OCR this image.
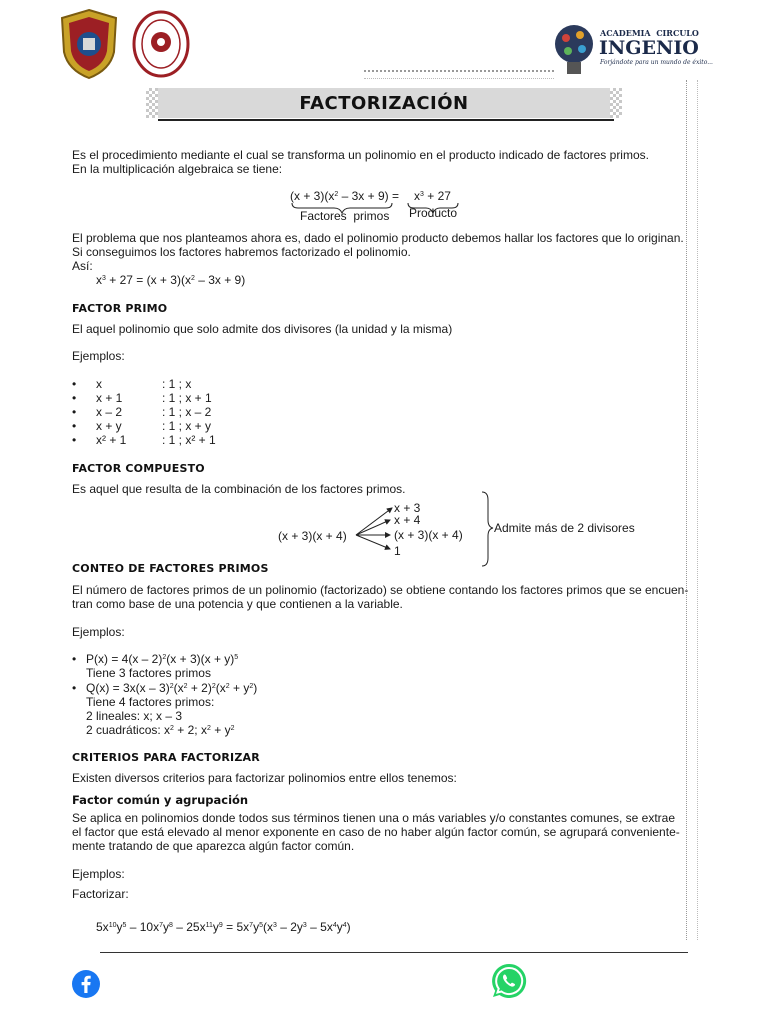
ACADEMIA  CIRCULO
INGENIO
Forjándote para un mundo de éxito...
FACTORIZACIÓN
Es el procedimiento mediante el cual se transforma un polinomio en el producto indicado de factores primos.
En la multiplicación algebraica se tiene:
$(x + 3)(x^2 - 3x + 9) = x^3 + 27$
Factores  primos Producto
El problema que nos planteamos ahora es, dado el polinomio producto debemos hallar los factores que lo originan.
Si conseguimos los factores habremos factorizado el polinomio.
Así:
$x^3 + 27 = (x + 3)(x^2 - 3x + 9)$
FACTOR PRIMO
El aquel polinomio que solo admite dos divisores (la unidad y la misma)
Ejemplos:
• x	: 1 ; x
• x + 1	: 1 ; x + 1
• x – 2	: 1 ; x – 2
• x + y	: 1 ; x + y
• x² + 1	: 1 ; x² + 1
FACTOR COMPUESTO
Es aquel que resulta de la combinación de los factores primos.
(x + 3)(x + 4)
x + 3
x + 4
(x + 3)(x + 4)
1
Admite más de 2 divisores
CONTEO DE FACTORES PRIMOS
El número de factores primos de un polinomio (factorizado) se obtiene contando los factores primos que se encuen-
tran como base de una potencia y que contienen a la variable.
Ejemplos:
• $P(x) = 4(x - 2)^2(x + 3)(x + y)^5$
Tiene 3 factores primos
• $Q(x) = 3x(x - 3)^2(x^2 + 2)^2(x^2 + y^2)$
Tiene 4 factores primos:
2 lineales: x; x – 3
2 cuadráticos: $x^2 + 2$; $x^2 + y^2$
CRITERIOS PARA FACTORIZAR
Existen diversos criterios para factorizar polinomios entre ellos tenemos:
Factor común y agrupación
Se aplica en polinomios donde todos sus términos tienen una o más variables y/o constantes comunes, se extrae
el factor que está elevado al menor exponente en caso de no haber algún factor común, se agrupará conveniente-
mente tratando de que aparezca algún factor común.
Ejemplos:
Factorizar:
$5x^{10}y^5 - 10x^7y^8 - 25x^{11}y^9 = 5x^7y^5(x^3 - 2y^3 - 5x^4y^4)$
